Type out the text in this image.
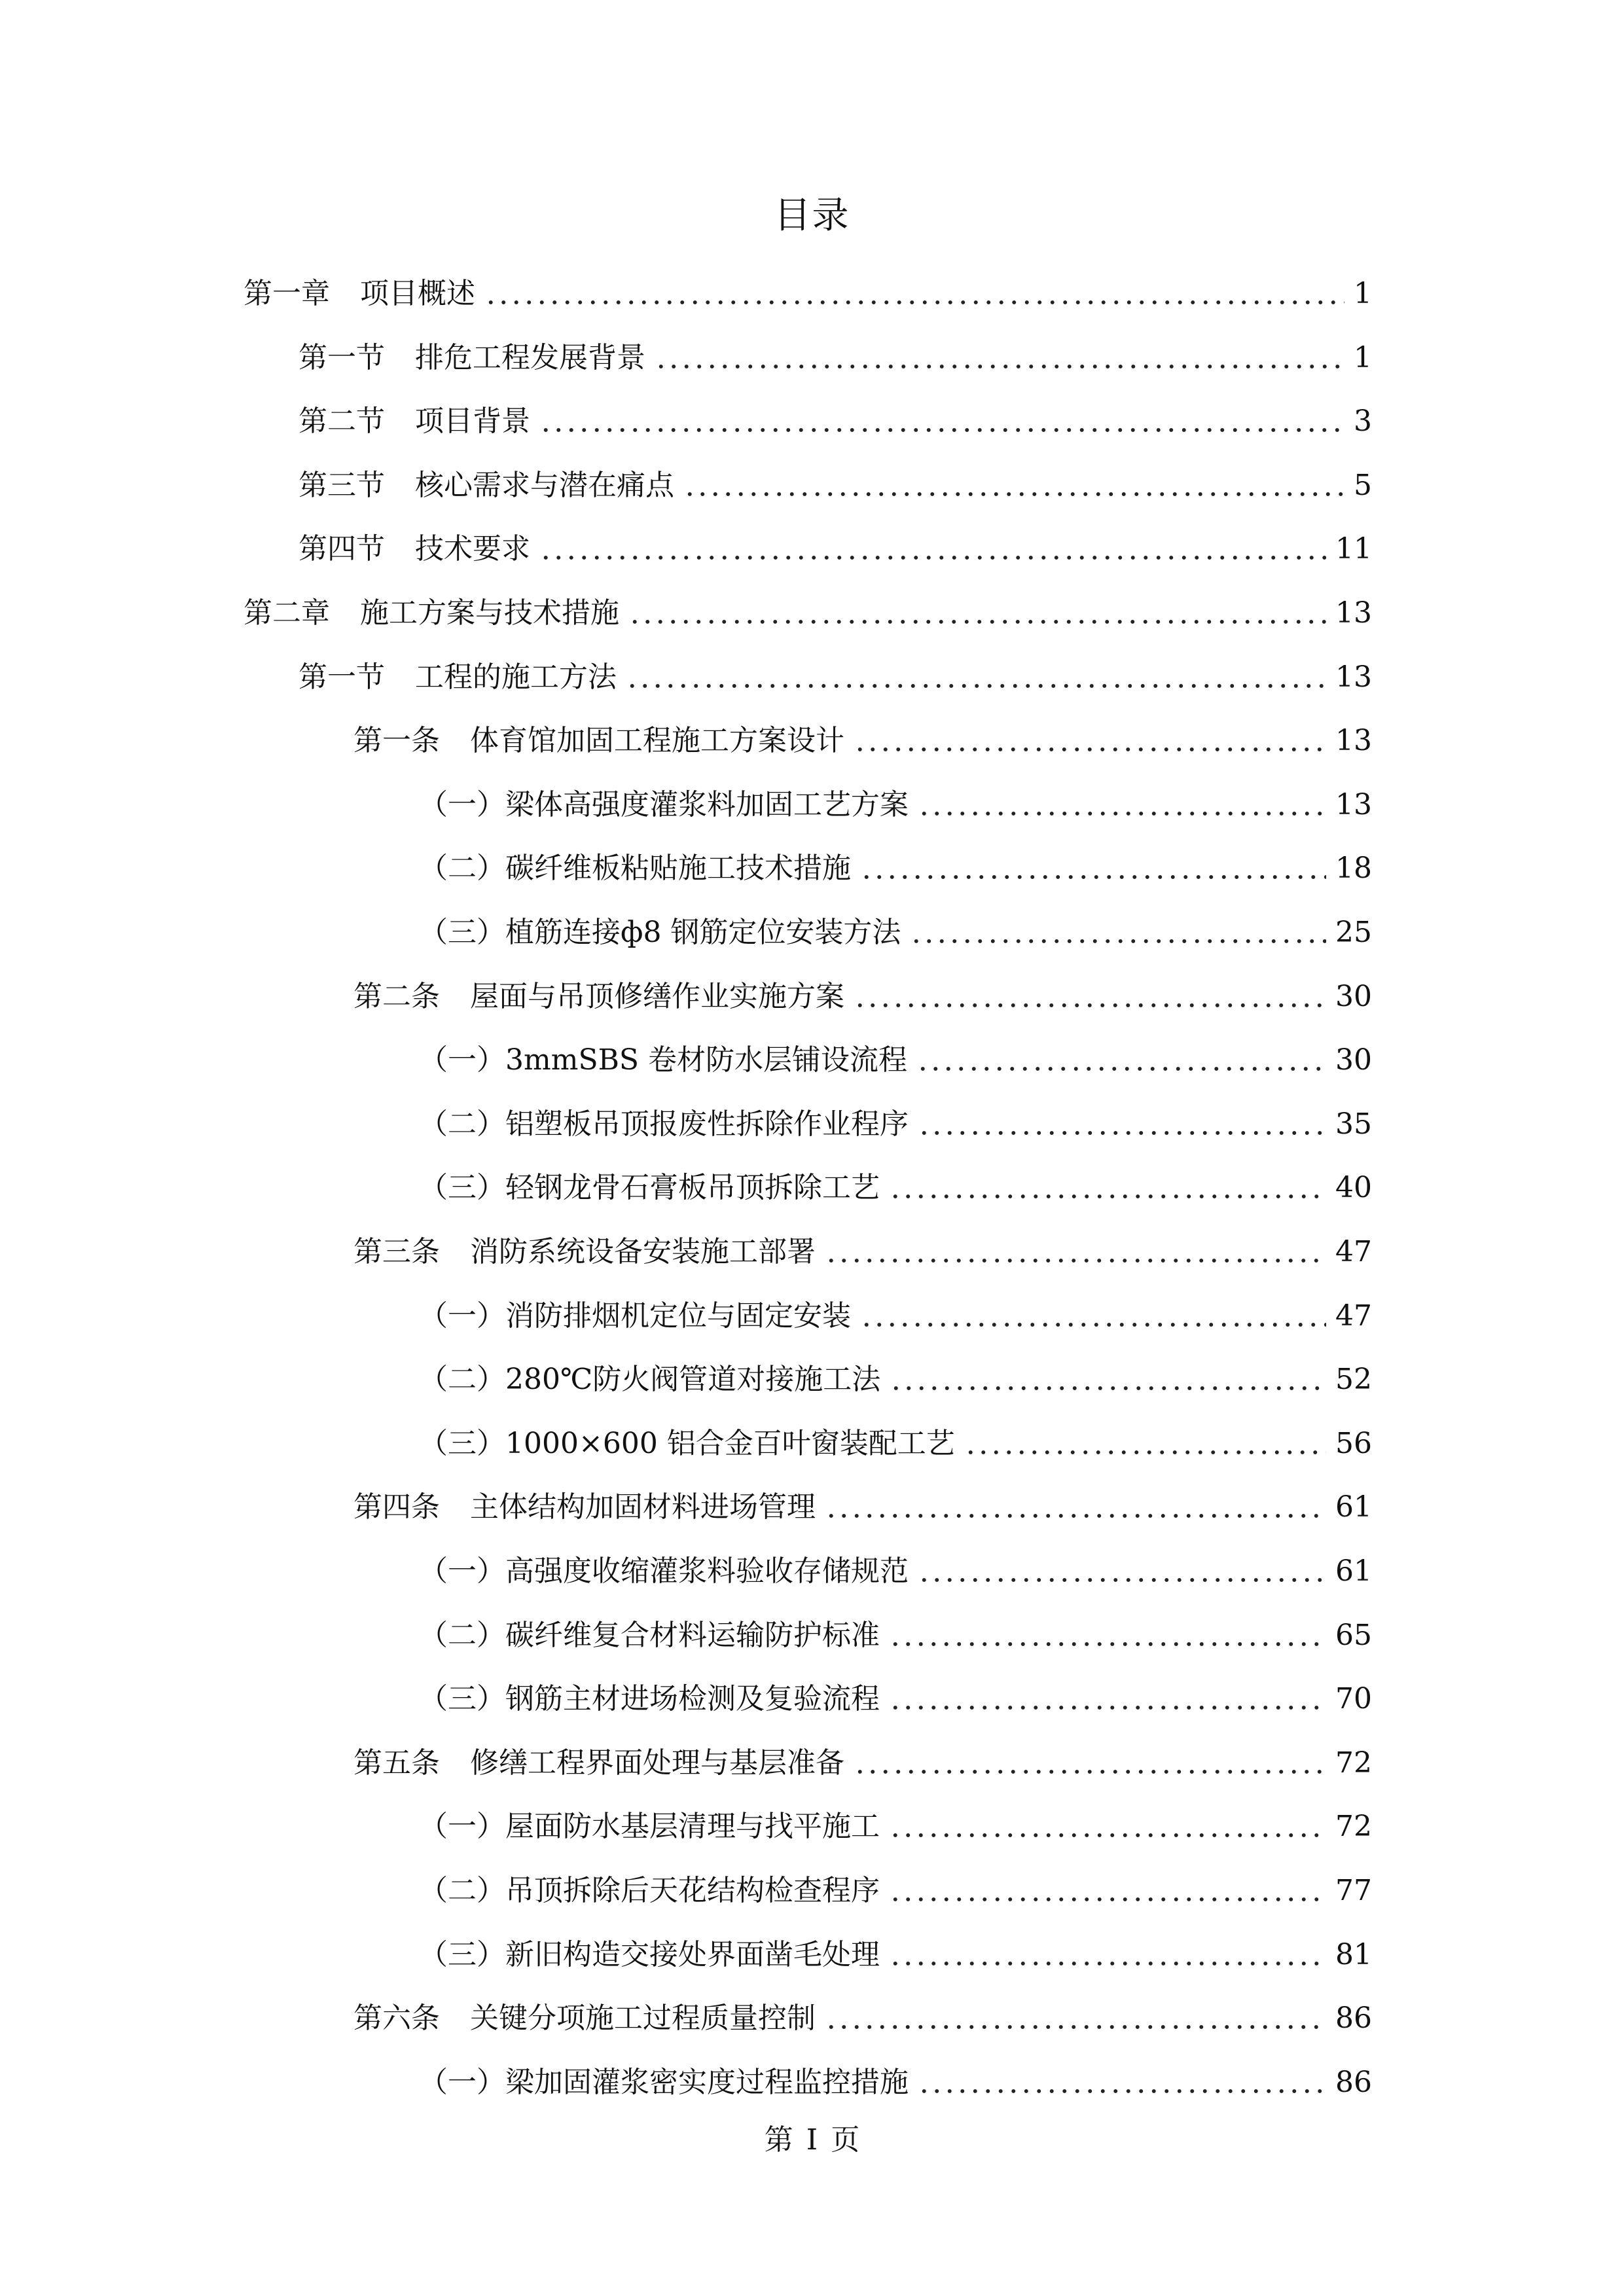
目录
第一章 项目概述	1
第一节 排危工程发展背景	1
第二节 项目背景	3
第三节 核心需求与潜在痛点	5
第四节 技术要求	11
第二章 施工方案与技术措施	13
第一节 工程的施工方法	13
第一条 体育馆加固工程施工方案设计	13
（一） 梁体高强度灌浆料加固工艺方案	13
（二） 碳纤维板粘贴施工技术措施	18
（三） 植筋连接ф8 钢筋定位安装方法	25
第二条 屋面与吊顶修缮作业实施方案	30
（一） 3mmSBS 卷材防水层铺设流程	30
（二） 铝塑板吊顶报废性拆除作业程序	35
（三） 轻钢龙骨石膏板吊顶拆除工艺	40
第三条 消防系统设备安装施工部署	47
（一） 消防排烟机定位与固定安装	47
（二） 280℃防火阀管道对接施工法	52
（三） 1000×600 铝合金百叶窗装配工艺	56
第四条 主体结构加固材料进场管理	61
（一） 高强度收缩灌浆料验收存储规范	61
（二） 碳纤维复合材料运输防护标准	65
（三） 钢筋主材进场检测及复验流程	70
第五条 修缮工程界面处理与基层准备	72
（一） 屋面防水基层清理与找平施工	72
（二） 吊顶拆除后天花结构检查程序	77
（三） 新旧构造交接处界面凿毛处理	81
第六条 关键分项施工过程质量控制	86
（一） 梁加固灌浆密实度过程监控措施	86
第 I 页
